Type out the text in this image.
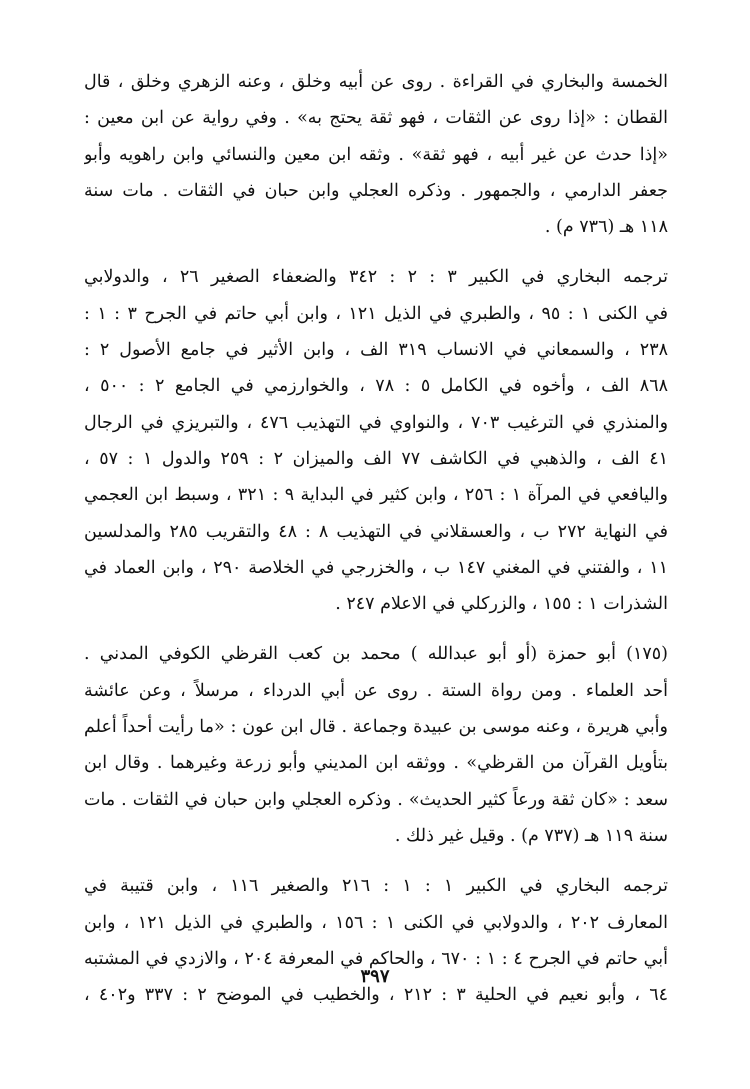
الخمسة والبخاري في القراءة . روى عن أبيه وخلق ، وعنه الزهري وخلق ، قال
القطان : «إذا روى عن الثقات ، فهو ثقة يحتج به» . وفي رواية عن ابن معين :
«إذا حدث عن غير أبيه ، فهو ثقة» . وثقه ابن معين والنسائي وابن راهويه وأبو
جعفر الدارمي ، والجمهور . وذكره العجلي وابن حبان في الثقات . مات سنة
١١٨ هـ (٧٣٦ م) .
ترجمه البخاري في الكبير ٣ : ٢ : ٣٤٢ والضعفاء الصغير ٢٦ ، والدولابي
في الكنى ١ : ٩٥ ، والطبري في الذيل ١٢١ ، وابن أبي حاتم في الجرح ٣ : ١ :
٢٣٨ ، والسمعاني في الانساب ٣١٩ الف ، وابن الأثير في جامع الأصول ٢ :
٨٦٨ الف ، وأخوه في الكامل ٥ : ٧٨ ، والخوارزمي في الجامع ٢ : ٥٠٠ ،
والمنذري في الترغيب ٧٠٣ ، والنواوي في التهذيب ٤٧٦ ، والتبريزي في الرجال
٤١ الف ، والذهبي في الكاشف ٧٧ الف والميزان ٢ : ٢٥٩ والدول ١ : ٥٧ ،
واليافعي في المرآة ١ : ٢٥٦ ، وابن كثير في البداية ٩ : ٣٢١ ، وسبط ابن العجمي
في النهاية ٢٧٢ ب ، والعسقلاني في التهذيب ٨ : ٤٨ والتقريب ٢٨٥ والمدلسين
١١ ، والفتني في المغني ١٤٧ ب ، والخزرجي في الخلاصة ٢٩٠ ، وابن العماد في
الشذرات ١ : ١٥٥ ، والزركلي في الاعلام ٢٤٧ .
(١٧٥) أبو حمزة (أو أبو عبدالله ) محمد بن كعب القرظي الكوفي المدني .
أحد العلماء . ومن رواة الستة . روى عن أبي الدرداء ، مرسلاً ، وعن عائشة
وأبي هريرة ، وعنه موسى بن عبيدة وجماعة . قال ابن عون : «ما رأيت أحداً أعلم
بتأويل القرآن من القرظي» . ووثقه ابن المديني وأبو زرعة وغيرهما . وقال ابن
سعد : «كان ثقة ورعاً كثير الحديث» . وذكره العجلي وابن حبان في الثقات . مات
سنة ١١٩ هـ (٧٣٧ م) . وقيل غير ذلك .
ترجمه البخاري في الكبير ١ : ١ : ٢١٦ والصغير ١١٦ ، وابن قتيبة في
المعارف ٢٠٢ ، والدولابي في الكنى ١ : ١٥٦ ، والطبري في الذيل ١٢١ ، وابن
أبي حاتم في الجرح ٤ : ١ : ٦٧٠ ، والحاكم في المعرفة ٢٠٤ ، والازدي في المشتبه
٦٤ ، وأبو نعيم في الحلية ٣ : ٢١٢ ، والخطيب في الموضح ٢ : ٣٣٧ و٤٠٢ ،
٣٩٧
